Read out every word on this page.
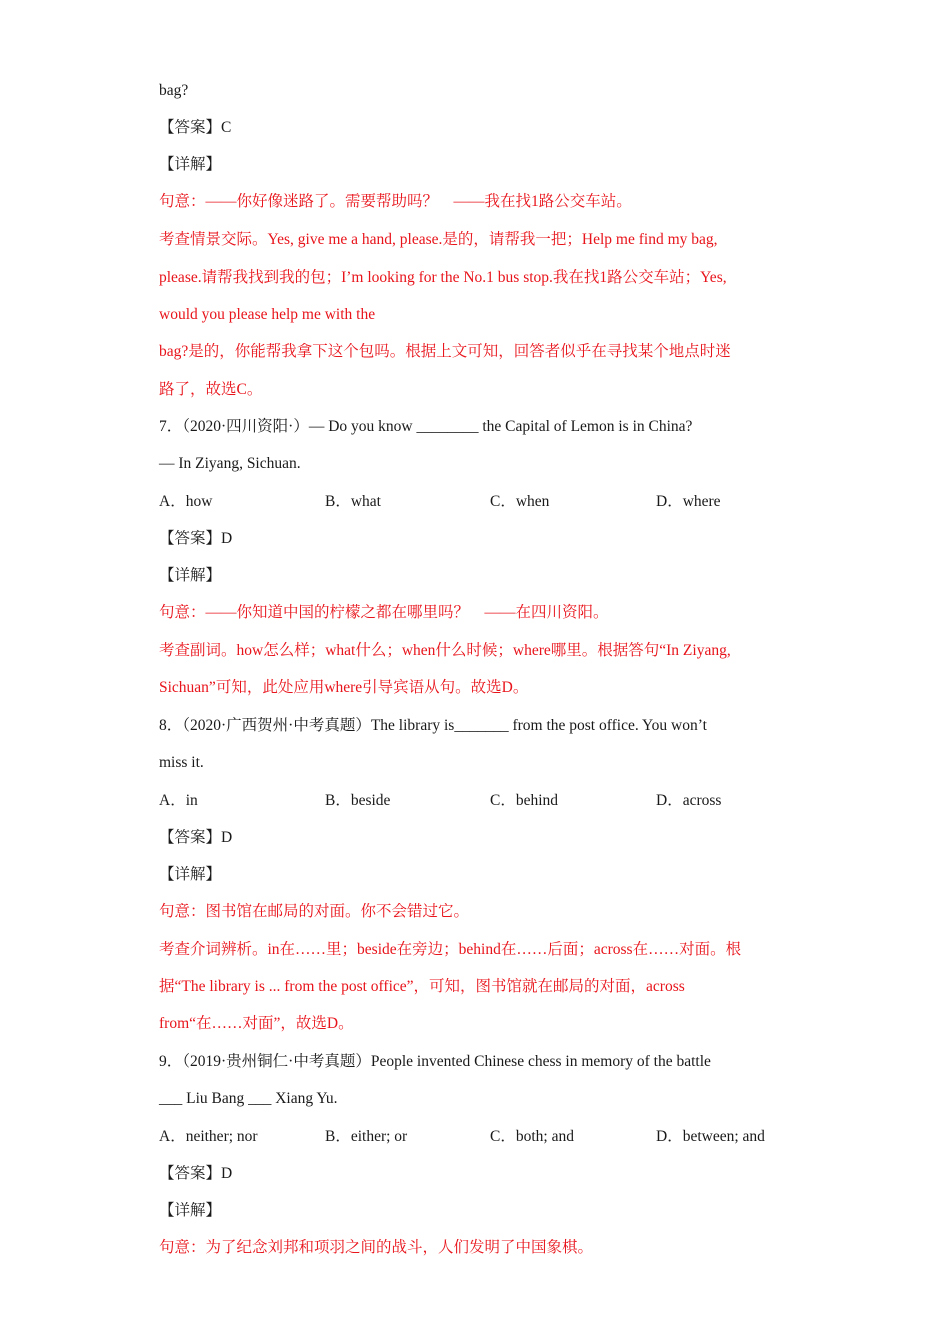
bag?
【答案】C
【详解】
句意：——你好像迷路了。需要帮助吗？　——我在找1路公交车站。
考查情景交际。Yes, give me a hand, please.是的，请帮我一把；Help me find my bag,
please.请帮我找到我的包；I’m looking for the No.1 bus stop.我在找1路公交车站；Yes,
would you please help me with the
bag?是的，你能帮我拿下这个包吗。根据上文可知，回答者似乎在寻找某个地点时迷
路了，故选C。
7．（2020·四川资阳·）— Do you know ________ the Capital of Lemon is in China?
— In Ziyang, Sichuan.
A．how	B．what	C．when	D．where
【答案】D
【详解】
句意：——你知道中国的柠檬之都在哪里吗？　——在四川资阳。
考查副词。how怎么样；what什么；when什么时候；where哪里。根据答句“In Ziyang,
Sichuan”可知，此处应用where引导宾语从句。故选D。
8．（2020·广西贺州·中考真题）The library is_______ from the post office. You won’t
miss it.
A．in	B．beside	C．behind	D．across
【答案】D
【详解】
句意：图书馆在邮局的对面。你不会错过它。
考查介词辨析。in在……里；beside在旁边；behind在……后面；across在……对面。根
据“The library is ... from the post office”，可知，图书馆就在邮局的对面，across
from“在……对面”，故选D。
9．（2019·贵州铜仁·中考真题）People invented Chinese chess in memory of the battle
___ Liu Bang ___ Xiang Yu.
A．neither; nor	B．either; or	C．both; and	D．between; and
【答案】D
【详解】
句意：为了纪念刘邦和项羽之间的战斗，人们发明了中国象棋。
